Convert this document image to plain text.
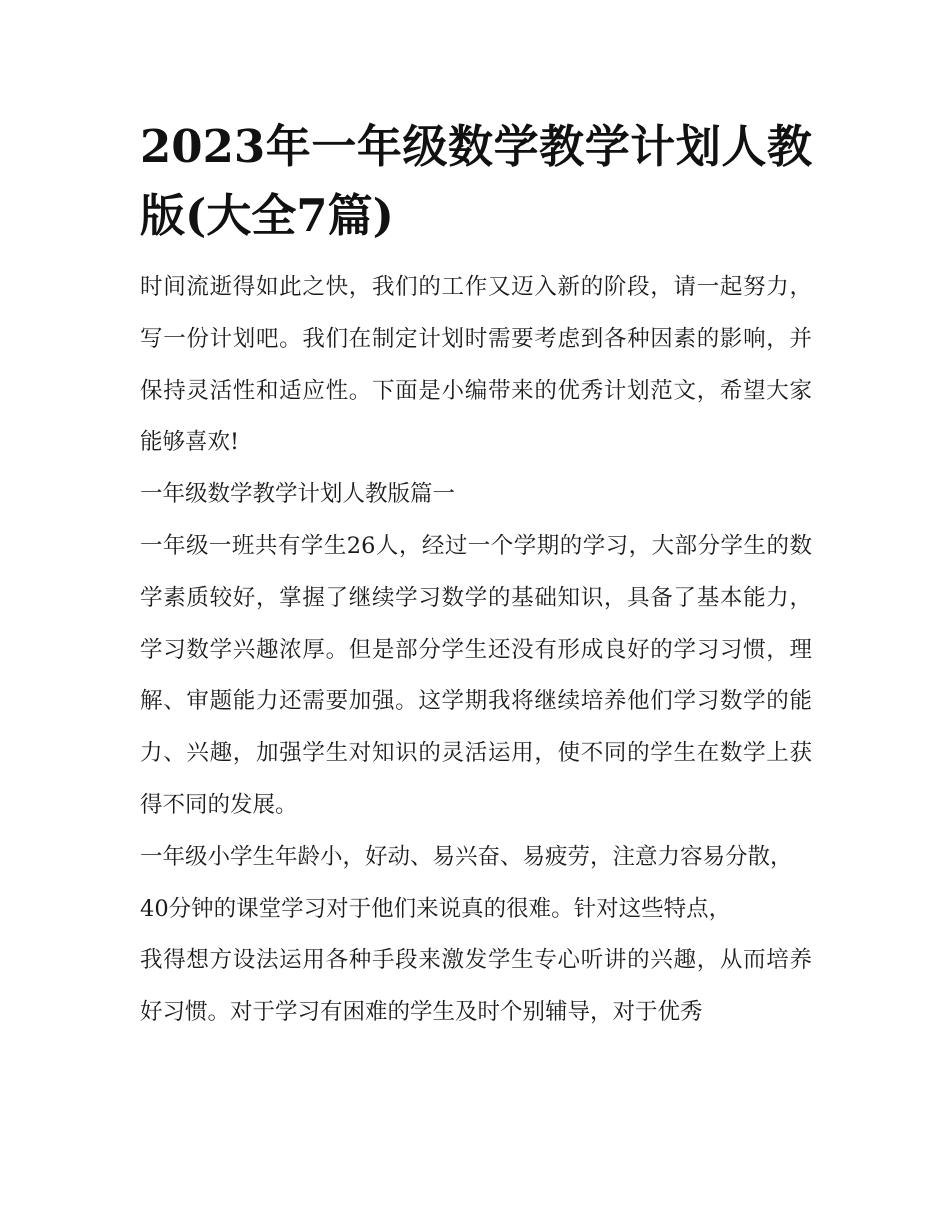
2023年一年级数学教学计划人教版(大全7篇)

时间流逝得如此之快，我们的工作又迈入新的阶段，请一起努力，写一份计划吧。我们在制定计划时需要考虑到各种因素的影响，并保持灵活性和适应性。下面是小编带来的优秀计划范文，希望大家能够喜欢!

一年级数学教学计划人教版篇一

一年级一班共有学生26人，经过一个学期的学习，大部分学生的数学素质较好，掌握了继续学习数学的基础知识，具备了基本能力，学习数学兴趣浓厚。但是部分学生还没有形成良好的学习习惯，理解、审题能力还需要加强。这学期我将继续培养他们学习数学的能力、兴趣，加强学生对知识的灵活运用，使不同的学生在数学上获得不同的发展。

一年级小学生年龄小，好动、易兴奋、易疲劳，注意力容易分散，

40分钟的课堂学习对于他们来说真的很难。针对这些特点，

我得想方设法运用各种手段来激发学生专心听讲的兴趣，从而培养好习惯。对于学习有困难的学生及时个别辅导，对于优秀
